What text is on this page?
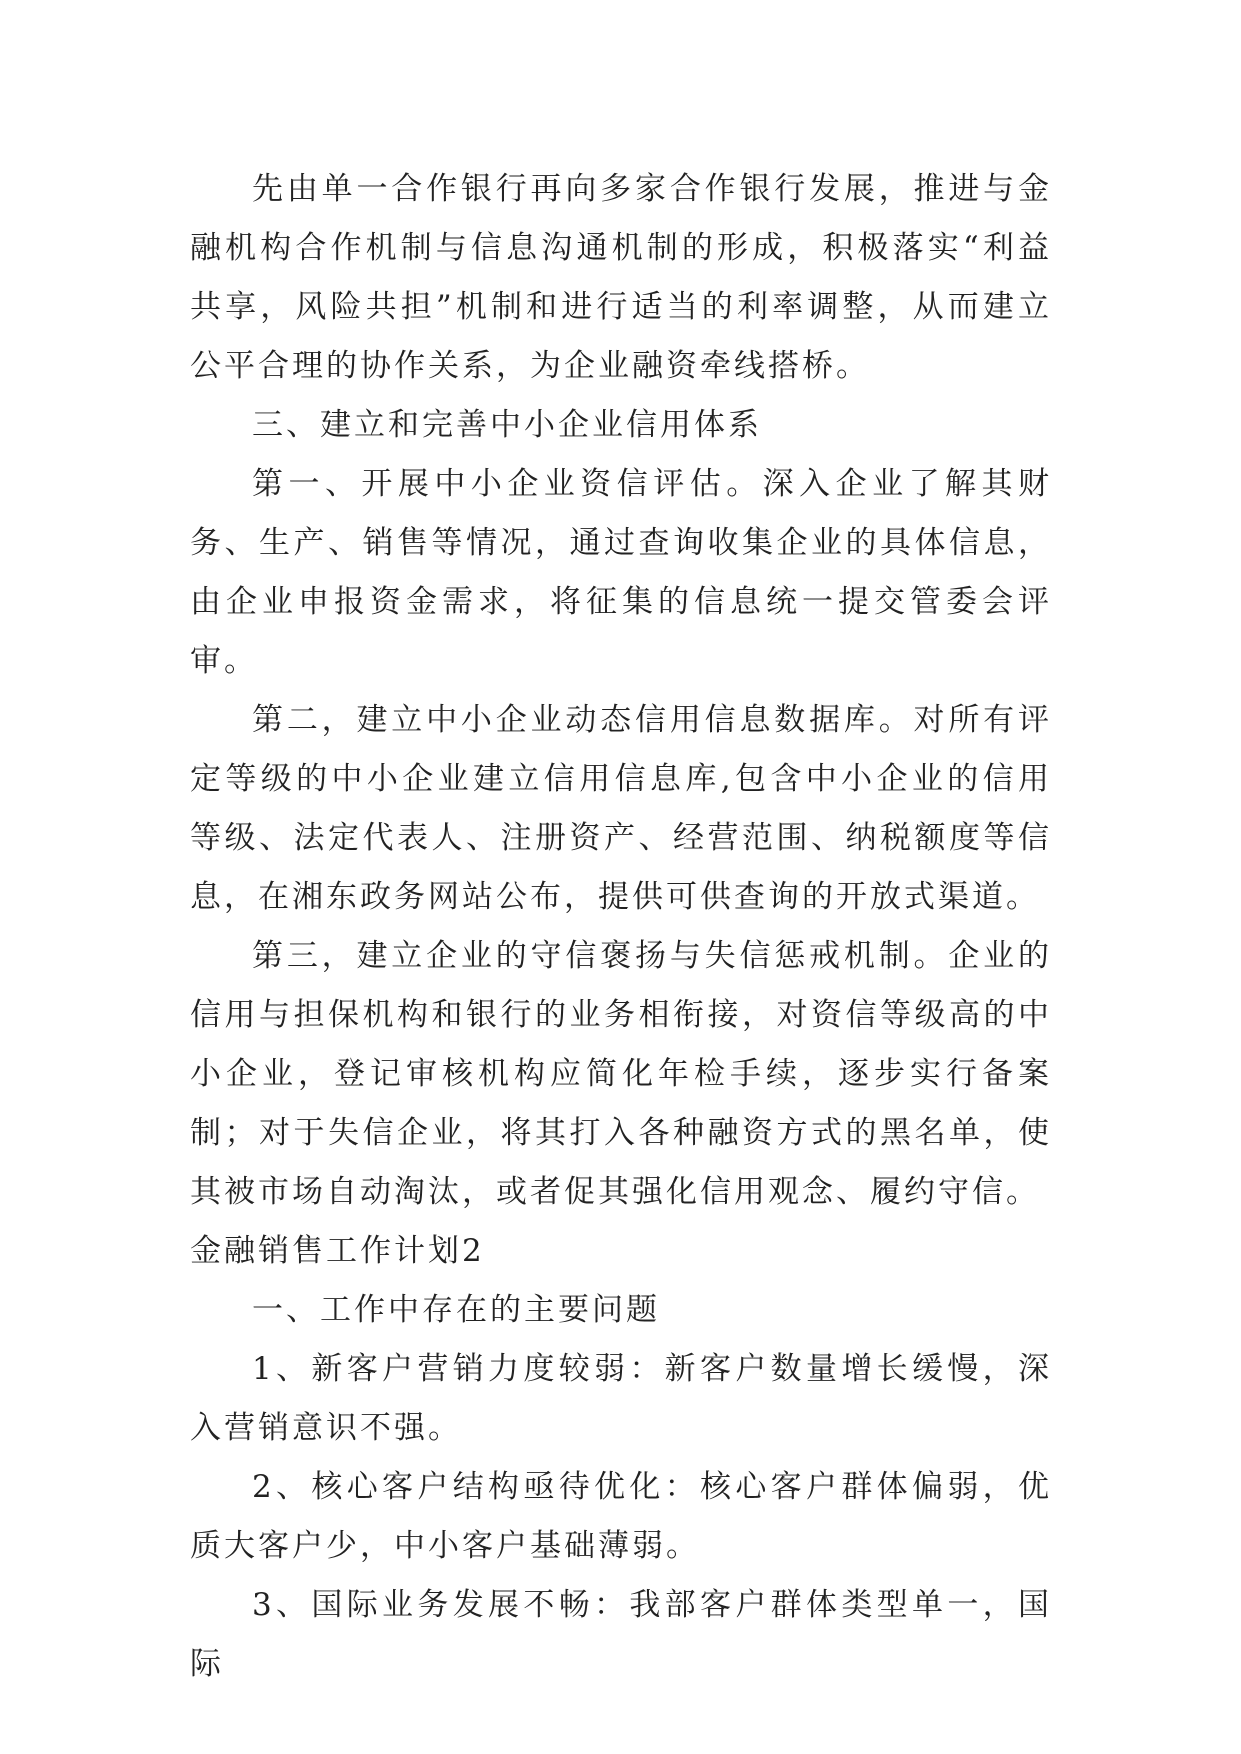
先由单一合作银行再向多家合作银行发展，推进与金融机构合作机制与信息沟通机制的形成，积极落实“利益共享，风险共担”机制和进行适当的利率调整，从而建立公平合理的协作关系，为企业融资牵线搭桥。

三、建立和完善中小企业信用体系

第一、开展中小企业资信评估。深入企业了解其财务、生产、销售等情况，通过查询收集企业的具体信息，由企业申报资金需求，将征集的信息统一提交管委会评审。

第二，建立中小企业动态信用信息数据库。对所有评定等级的中小企业建立信用信息库,包含中小企业的信用等级、法定代表人、注册资产、经营范围、纳税额度等信息，在湘东政务网站公布，提供可供查询的开放式渠道。

第三，建立企业的守信褒扬与失信惩戒机制。企业的信用与担保机构和银行的业务相衔接，对资信等级高的中小企业，登记审核机构应简化年检手续，逐步实行备案制；对于失信企业，将其打入各种融资方式的黑名单，使其被市场自动淘汰，或者促其强化信用观念、履约守信。

金融销售工作计划2

一、工作中存在的主要问题

1、新客户营销力度较弱：新客户数量增长缓慢，深入营销意识不强。

2、核心客户结构亟待优化：核心客户群体偏弱，优质大客户少，中小客户基础薄弱。

3、国际业务发展不畅：我部客户群体类型单一，国际
